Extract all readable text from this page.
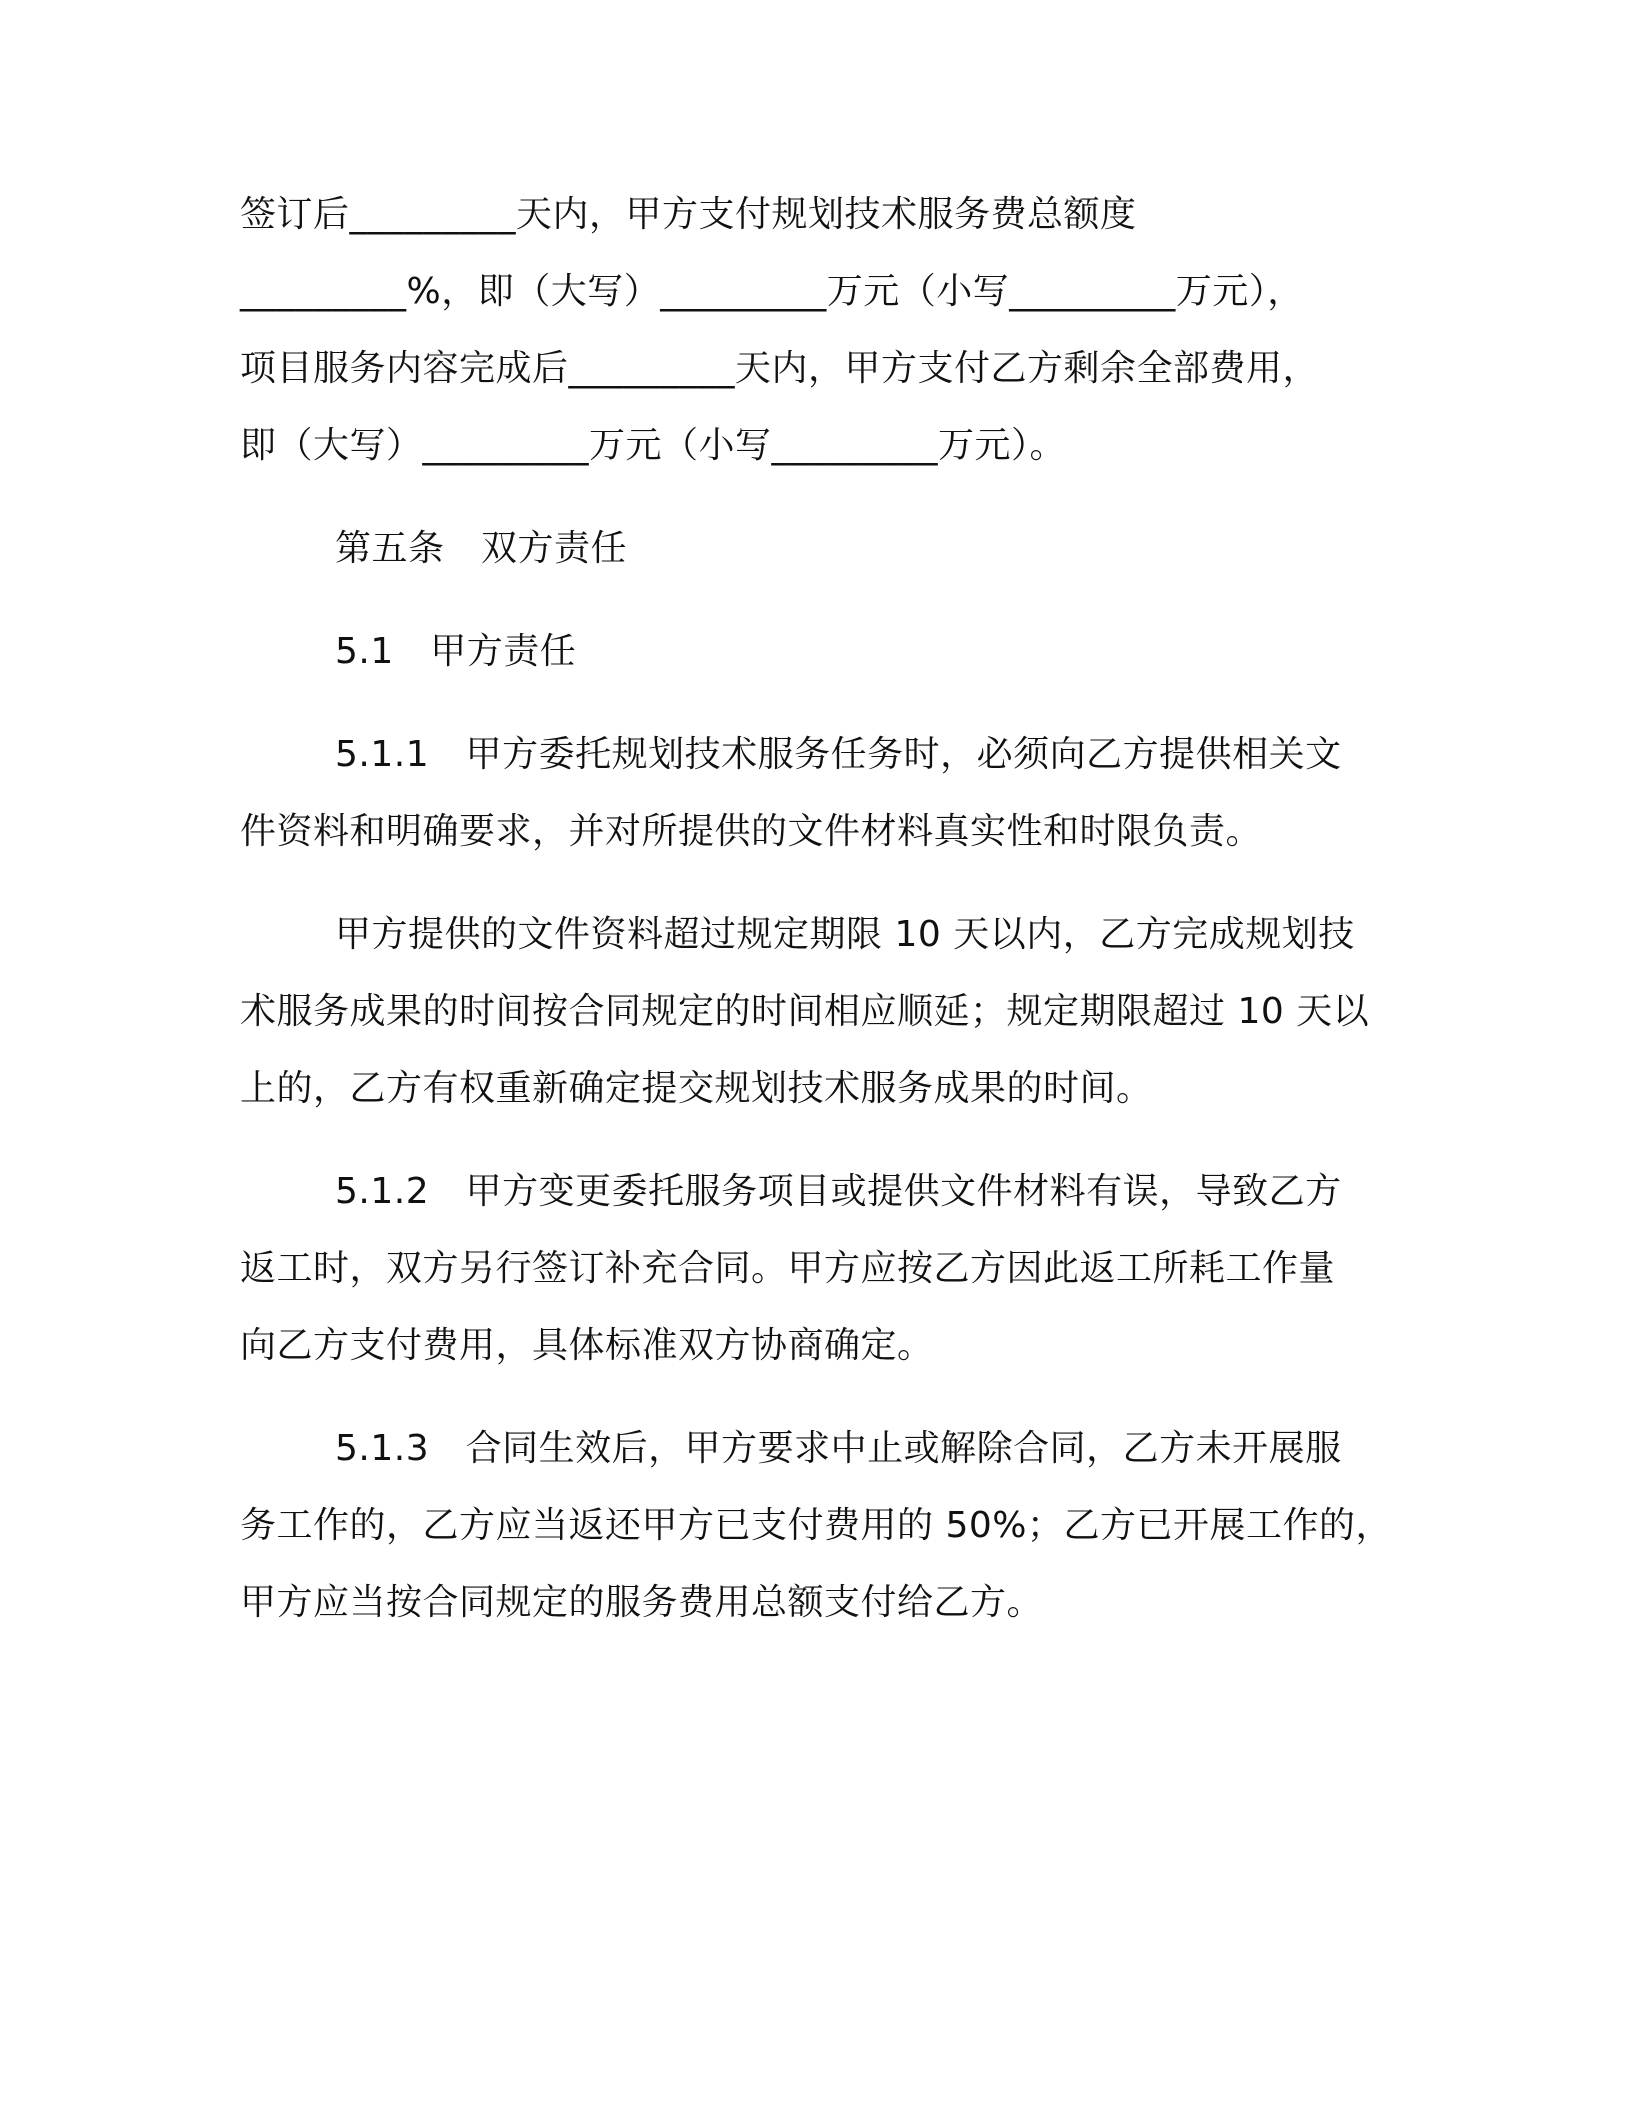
签订后_________天内，甲方支付规划技术服务费总额度
_________%，即（大写）_________万元（小写_________万元），
项目服务内容完成后_________天内，甲方支付乙方剩余全部费用，
即（大写）_________万元（小写_________万元）。
第五条　双方责任
5.1　甲方责任
5.1.1　甲方委托规划技术服务任务时，必须向乙方提供相关文
件资料和明确要求，并对所提供的文件材料真实性和时限负责。
甲方提供的文件资料超过规定期限 10 天以内，乙方完成规划技
术服务成果的时间按合同规定的时间相应顺延；规定期限超过 10 天以
上的，乙方有权重新确定提交规划技术服务成果的时间。
5.1.2　甲方变更委托服务项目或提供文件材料有误，导致乙方
返工时，双方另行签订补充合同。甲方应按乙方因此返工所耗工作量
向乙方支付费用，具体标准双方协商确定。
5.1.3　合同生效后，甲方要求中止或解除合同，乙方未开展服
务工作的，乙方应当返还甲方已支付费用的 50%；乙方已开展工作的，
甲方应当按合同规定的服务费用总额支付给乙方。
